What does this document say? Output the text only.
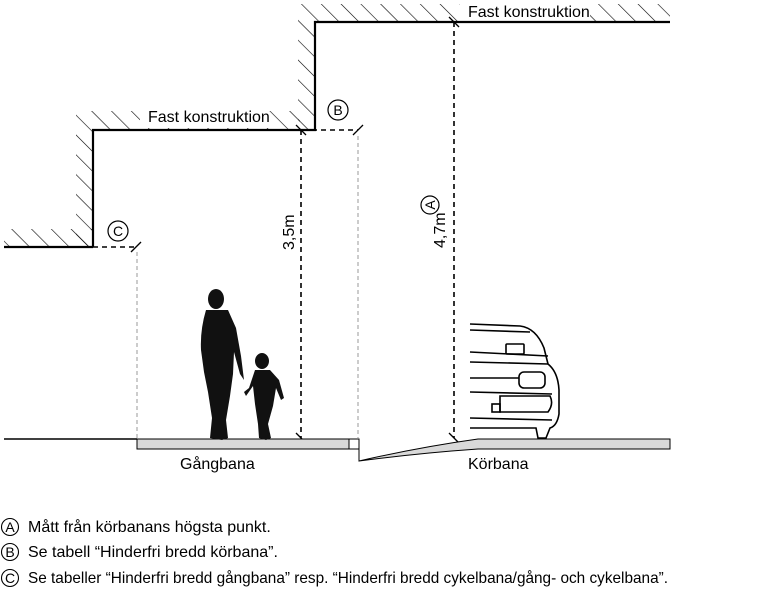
Fast konstruktion
Fast konstruktion
4,7m
3,5m
A
B
C
Gångbana	Körbana
A Mått från körbanans högsta punkt.
B Se tabell “Hinderfri bredd körbana”.
C Se tabeller “Hinderfri bredd gångbana” resp. “Hinderfri bredd cykelbana/gång- och cykelbana”.
